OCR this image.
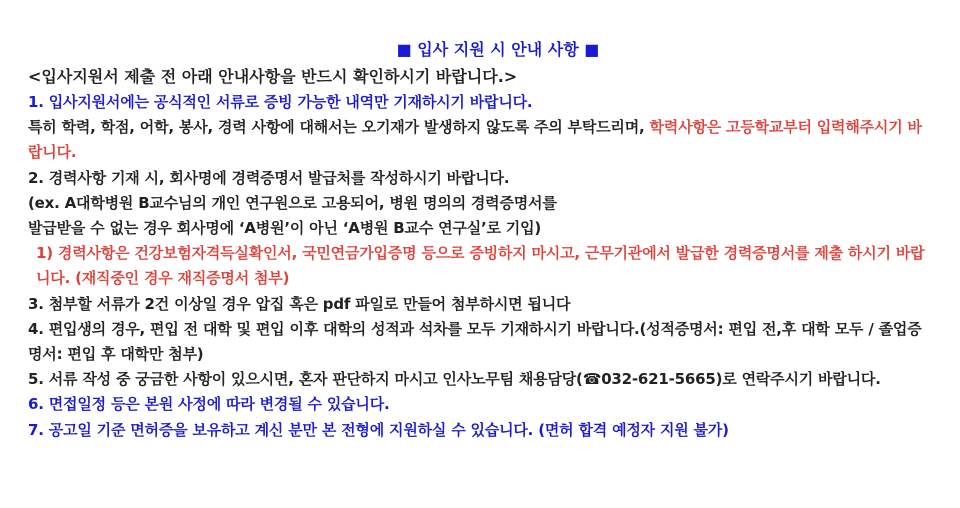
■ 입사 지원 시 안내 사항 ■
<입사지원서 제출 전 아래 안내사항을 반드시 확인하시기 바랍니다.>
1. 입사지원서에는 공식적인 서류로 증빙 가능한 내역만 기재하시기 바랍니다.
특히 학력, 학점, 어학, 봉사, 경력 사항에 대해서는 오기재가 발생하지 않도록 주의 부탁드리며, 학력사항은 고등학교부터 입력해주시기 바랍니다.
2. 경력사항 기재 시, 회사명에 경력증명서 발급처를 작성하시기 바랍니다.
(ex. A대학병원 B교수님의 개인 연구원으로 고용되어, 병원 명의의 경력증명서를
발급받을 수 없는 경우 회사명에 ‘A병원’이 아닌 ‘A병원 B교수 연구실’로 기입)
1) 경력사항은 건강보험자격득실확인서, 국민연금가입증명 등으로 증빙하지 마시고, 근무기관에서 발급한 경력증명서를 제출 하시기 바랍니다. (재직중인 경우 재직증명서 첨부)
3. 첨부할 서류가 2건 이상일 경우 압집 혹은 pdf 파일로 만들어 첨부하시면 됩니다
4. 편입생의 경우, 편입 전 대학 및 편입 이후 대학의 성적과 석차를 모두 기재하시기 바랍니다.(성적증명서: 편입 전,후 대학 모두 / 졸업증명서: 편입 후 대학만 첨부)
5. 서류 작성 중 궁금한 사항이 있으시면, 혼자 판단하지 마시고 인사노무팀 채용담당(☎032-621-5665)로 연락주시기 바랍니다.
6. 면접일정 등은 본원 사정에 따라 변경될 수 있습니다.
7. 공고일 기준 면허증을 보유하고 계신 분만 본 전형에 지원하실 수 있습니다. (면허 합격 예정자 지원 불가)
